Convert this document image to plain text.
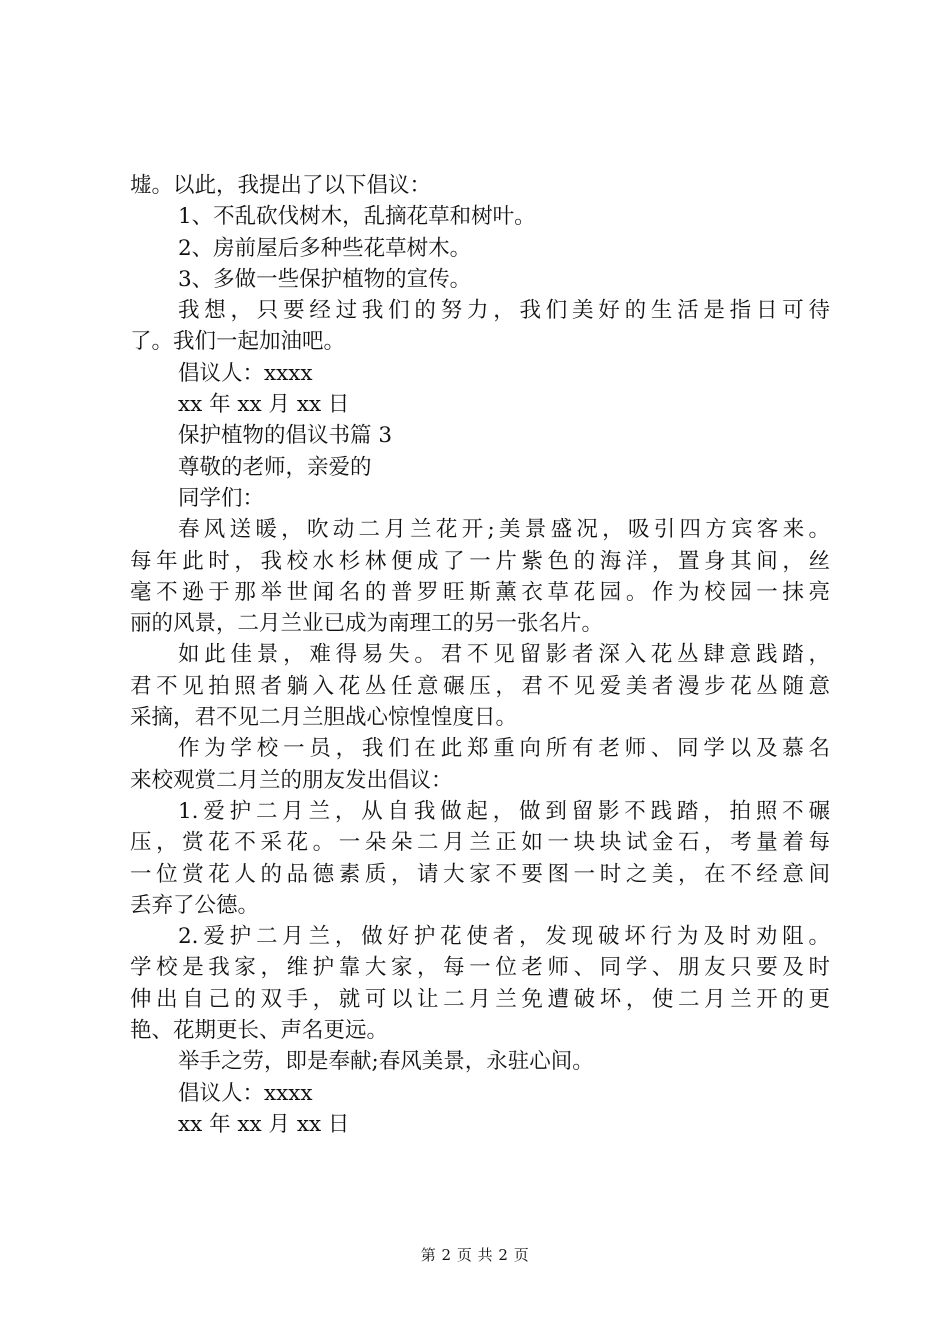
墟。以此，我提出了以下倡议：
1、不乱砍伐树木，乱摘花草和树叶。
2、房前屋后多种些花草树木。
3、多做一些保护植物的宣传。
我想，只要经过我们的努力，我们美好的生活是指日可待
了。我们一起加油吧。
倡议人：xxxx
xx 年 xx 月 xx 日
保护植物的倡议书篇 3
尊敬的老师，亲爱的
同学们：
春风送暖，吹动二月兰花开;美景盛况，吸引四方宾客来。
每年此时，我校水杉林便成了一片紫色的海洋，置身其间，丝
毫不逊于那举世闻名的普罗旺斯薰衣草花园。作为校园一抹亮
丽的风景，二月兰业已成为南理工的另一张名片。
如此佳景，难得易失。君不见留影者深入花丛肆意践踏，
君不见拍照者躺入花丛任意碾压，君不见爱美者漫步花丛随意
采摘，君不见二月兰胆战心惊惶惶度日。
作为学校一员，我们在此郑重向所有老师、同学以及慕名
来校观赏二月兰的朋友发出倡议：
1.爱护二月兰，从自我做起，做到留影不践踏，拍照不碾
压，赏花不采花。一朵朵二月兰正如一块块试金石，考量着每
一位赏花人的品德素质，请大家不要图一时之美，在不经意间
丢弃了公德。
2.爱护二月兰，做好护花使者，发现破坏行为及时劝阻。
学校是我家，维护靠大家，每一位老师、同学、朋友只要及时
伸出自己的双手，就可以让二月兰免遭破坏，使二月兰开的更
艳、花期更长、声名更远。
举手之劳，即是奉献;春风美景，永驻心间。
倡议人：xxxx
xx 年 xx 月 xx 日
第 2 页 共 2 页
